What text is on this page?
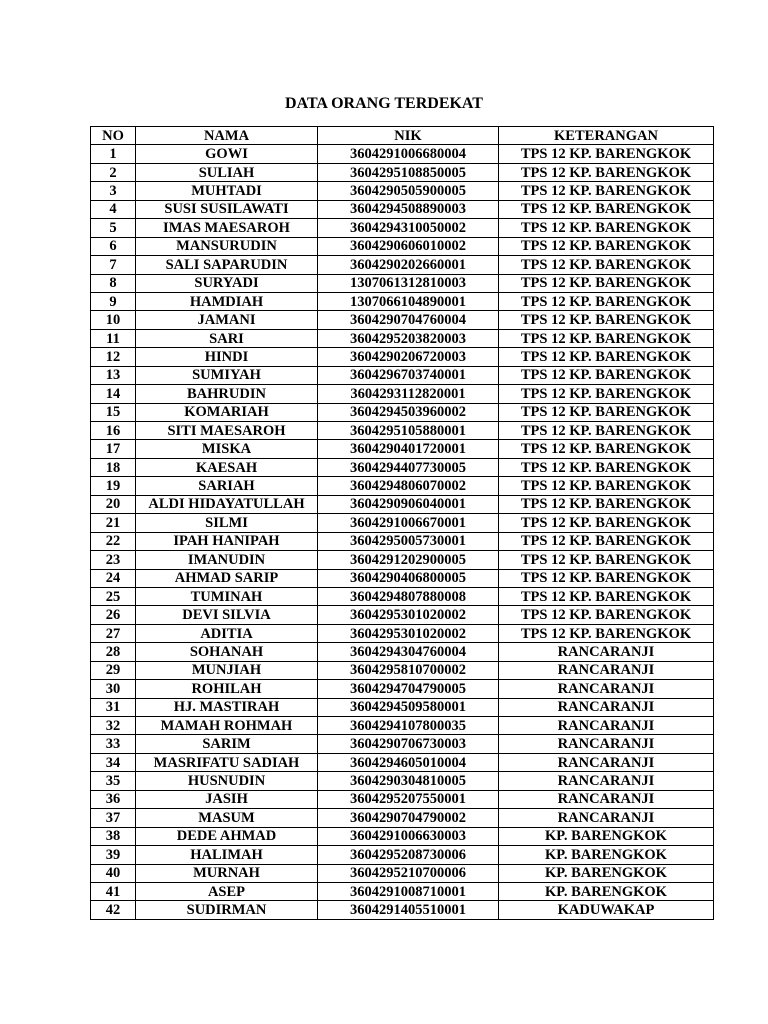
DATA ORANG TERDEKAT
NO	NAMA	NIK	KETERANGAN
1	GOWI	3604291006680004	TPS 12 KP. BARENGKOK
2	SULIAH	3604295108850005	TPS 12 KP. BARENGKOK
3	MUHTADI	3604290505900005	TPS 12 KP. BARENGKOK
4	SUSI SUSILAWATI	3604294508890003	TPS 12 KP. BARENGKOK
5	IMAS MAESAROH	3604294310050002	TPS 12 KP. BARENGKOK
6	MANSURUDIN	3604290606010002	TPS 12 KP. BARENGKOK
7	SALI SAPARUDIN	3604290202660001	TPS 12 KP. BARENGKOK
8	SURYADI	1307061312810003	TPS 12 KP. BARENGKOK
9	HAMDIAH	1307066104890001	TPS 12 KP. BARENGKOK
10	JAMANI	3604290704760004	TPS 12 KP. BARENGKOK
11	SARI	3604295203820003	TPS 12 KP. BARENGKOK
12	HINDI	3604290206720003	TPS 12 KP. BARENGKOK
13	SUMIYAH	3604296703740001	TPS 12 KP. BARENGKOK
14	BAHRUDIN	3604293112820001	TPS 12 KP. BARENGKOK
15	KOMARIAH	3604294503960002	TPS 12 KP. BARENGKOK
16	SITI MAESAROH	3604295105880001	TPS 12 KP. BARENGKOK
17	MISKA	3604290401720001	TPS 12 KP. BARENGKOK
18	KAESAH	3604294407730005	TPS 12 KP. BARENGKOK
19	SARIAH	3604294806070002	TPS 12 KP. BARENGKOK
20	ALDI HIDAYATULLAH	3604290906040001	TPS 12 KP. BARENGKOK
21	SILMI	3604291006670001	TPS 12 KP. BARENGKOK
22	IPAH HANIPAH	3604295005730001	TPS 12 KP. BARENGKOK
23	IMANUDIN	3604291202900005	TPS 12 KP. BARENGKOK
24	AHMAD SARIP	3604290406800005	TPS 12 KP. BARENGKOK
25	TUMINAH	3604294807880008	TPS 12 KP. BARENGKOK
26	DEVI SILVIA	3604295301020002	TPS 12 KP. BARENGKOK
27	ADITIA	3604295301020002	TPS 12 KP. BARENGKOK
28	SOHANAH	3604294304760004	RANCARANJI
29	MUNJIAH	3604295810700002	RANCARANJI
30	ROHILAH	3604294704790005	RANCARANJI
31	HJ. MASTIRAH	3604294509580001	RANCARANJI
32	MAMAH ROHMAH	3604294107800035	RANCARANJI
33	SARIM	3604290706730003	RANCARANJI
34	MASRIFATU SADIAH	3604294605010004	RANCARANJI
35	HUSNUDIN	3604290304810005	RANCARANJI
36	JASIH	3604295207550001	RANCARANJI
37	MASUM	3604290704790002	RANCARANJI
38	DEDE AHMAD	3604291006630003	KP. BARENGKOK
39	HALIMAH	3604295208730006	KP. BARENGKOK
40	MURNAH	3604295210700006	KP. BARENGKOK
41	ASEP	3604291008710001	KP. BARENGKOK
42	SUDIRMAN	3604291405510001	KADUWAKAP
